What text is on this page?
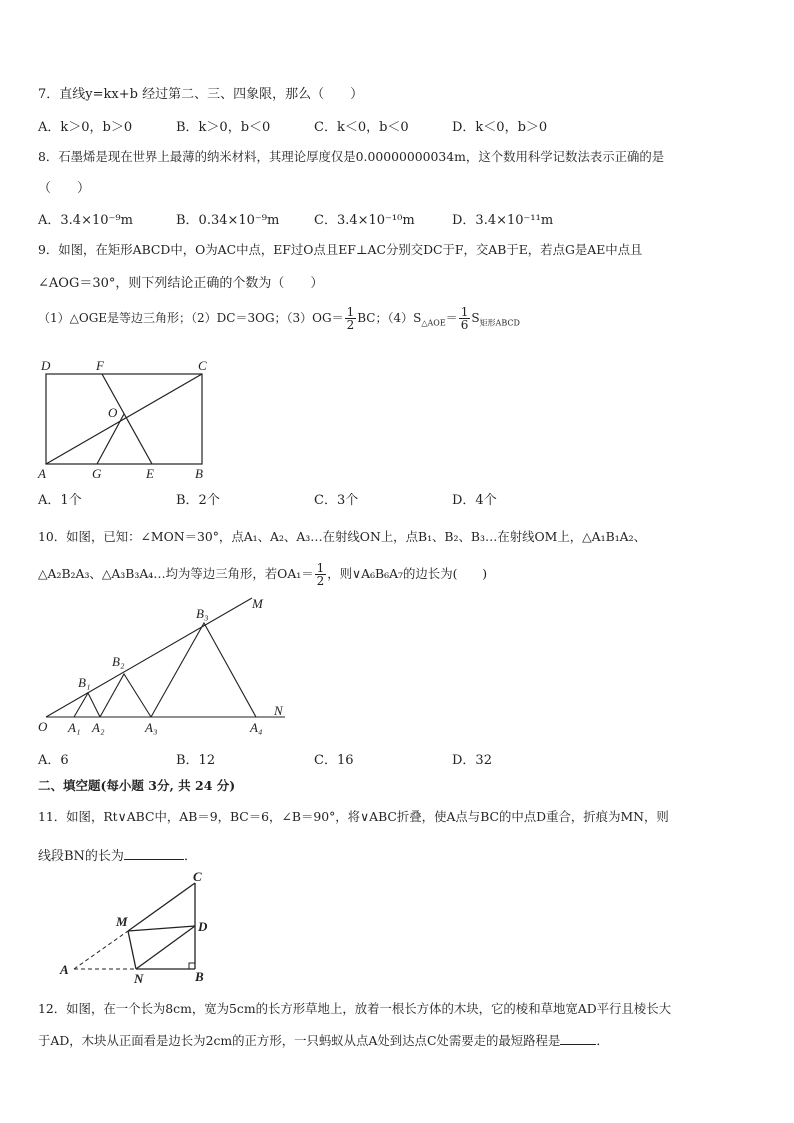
7．直线y=kx+b 经过第二、三、四象限，那么（　　）
A．k＞0，b＞0	B．k＞0，b＜0	C．k＜0，b＜0	D．k＜0，b＞0
8．石墨烯是现在世界上最薄的纳米材料，其理论厚度仅是0.00000000034m，这个数用科学记数法表示正确的是
（　　）
A．3.4×10⁻⁹m	B．0.34×10⁻⁹m	C．3.4×10⁻¹⁰m	D．3.4×10⁻¹¹m
9．如图，在矩形ABCD中，O为AC中点，EF过O点且EF⊥AC分别交DC于F，交AB于E，若点G是AE中点且
∠AOG＝30°，则下列结论正确的个数为（　　）
（1）△OGE是等边三角形；（2）DC＝3OG；$(3)OG= \frac{1}{2}$ BC；$(4)S_{\triangle AOE}= \frac{1}{6} S_{矩形ABCD}$
D	F	C
O
A	G	E	B
A．1个	B．2个	C．3个	D．4个
10．如图，已知：∠MON＝30°，点A₁、A₂、A₃…在射线ON上，点B₁、B₂、B₃…在射线OM上，△A₁B₁A₂、
△A₂B₂A₃、△A₃B₃A₄…均为等边三角形，若$OA_1= \frac{1}{2}$ ，则∨A₆B₆A₇的边长为(　　)
M
B₃
B₂
B₁
O A₁ A₂	A₃	A₄
N
A．6	B．12	C．16	D．32
二、填空题(每小题 3分, 共 24 分)
11．如图，Rt∨ABC中，AB＝9，BC＝6，∠B＝90°，将∨ABC折叠，使A点与BC的中点D重合，折痕为MN，则
线段BN的长为	．
C
M	D
A
N	B
12．如图，在一个长为8cm，宽为5cm的长方形草地上，放着一根长方体的木块，它的棱和草地宽AD平行且棱长大
于AD，木块从正面看是边长为2cm的正方形，一只蚂蚁从点A处到达点C处需要走的最短路程是	．
